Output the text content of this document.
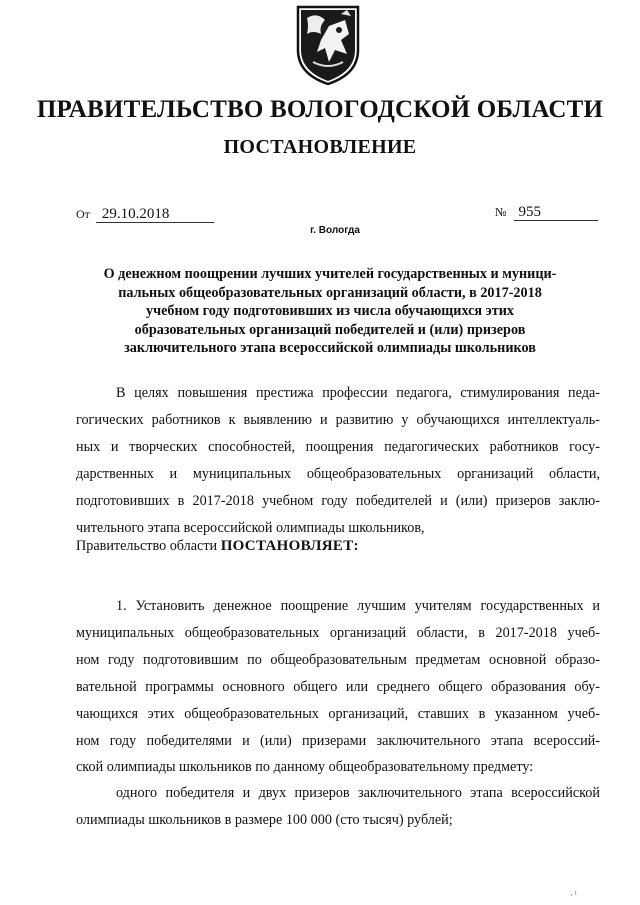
ПРАВИТЕЛЬСТВО ВОЛОГОДСКОЙ ОБЛАСТИ
ПОСТАНОВЛЕНИЕ
От 29.10.2018	№ 955
г. Вологда
О денежном поощрении лучших учителей государственных и муници-
пальных общеобразовательных организаций области, в 2017-2018
учебном году подготовивших из числа обучающихся этих
образовательных организаций победителей и (или) призеров
заключительного этапа всероссийской олимпиады школьников
В целях повышения престижа профессии педагога, стимулирования педа-
гогических работников к выявлению и развитию у обучающихся интеллектуаль-
ных и творческих способностей, поощрения педагогических работников госу-
дарственных и муниципальных общеобразовательных организаций области,
подготовивших в 2017-2018 учебном году победителей и (или) призеров заклю-
чительного этапа всероссийской олимпиады школьников,
Правительство области ПОСТАНОВЛЯЕТ:
1. Установить денежное поощрение лучшим учителям государственных и
муниципальных общеобразовательных организаций области, в 2017-2018 учеб-
ном году подготовившим по общеобразовательным предметам основной образо-
вательной программы основного общего или среднего общего образования обу-
чающихся этих общеобразовательных организаций, ставших в указанном учеб-
ном году победителями и (или) призерами заключительного этапа всероссий-
ской олимпиады школьников по данному общеобразовательному предмету:
одного победителя и двух призеров заключительного этапа всероссийской
олимпиады школьников в размере 100 000 (сто тысяч) рублей;
‚ ı
